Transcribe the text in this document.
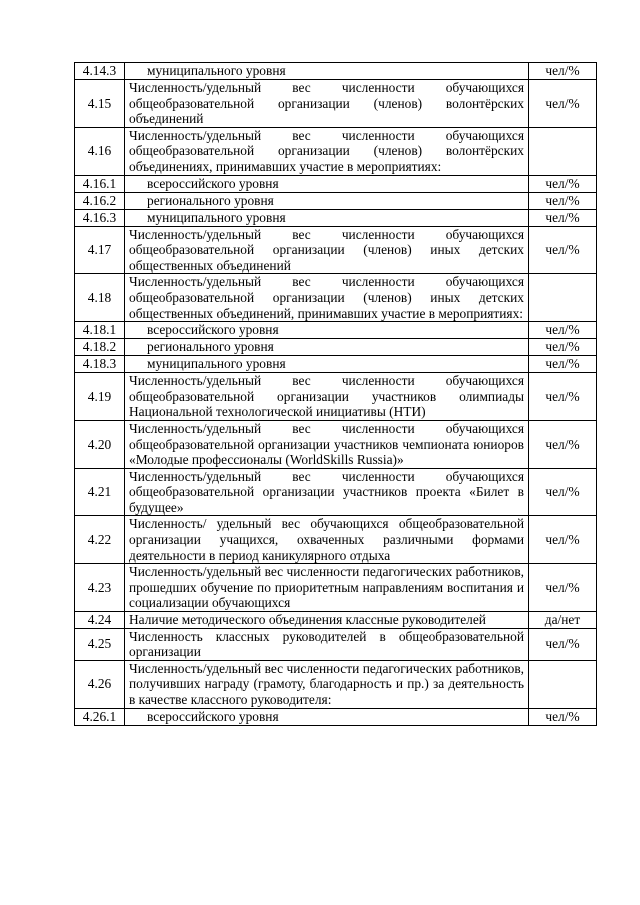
4.14.3	муниципального уровня	чел/%
4.15	Численность/удельный вес численности обучающихся общеобразовательной организации (членов) волонтёрских объединений	чел/%
4.16	Численность/удельный вес численности обучающихся общеобразовательной организации (членов) волонтёрских объединениях, принимавших участие в мероприятиях:	
4.16.1	всероссийского уровня	чел/%
4.16.2	регионального уровня	чел/%
4.16.3	муниципального уровня	чел/%
4.17	Численность/удельный вес численности обучающихся общеобразовательной организации (членов) иных детских общественных объединений	чел/%
4.18	Численность/удельный вес численности обучающихся общеобразовательной организации (членов) иных детских общественных объединений, принимавших участие в мероприятиях:	
4.18.1	всероссийского уровня	чел/%
4.18.2	регионального уровня	чел/%
4.18.3	муниципального уровня	чел/%
4.19	Численность/удельный вес численности обучающихся общеобразовательной организации участников олимпиады Национальной технологической инициативы (НТИ)	чел/%
4.20	Численность/удельный вес численности обучающихся общеобразовательной организации участников чемпионата юниоров «Молодые профессионалы (WorldSkills Russia)»	чел/%
4.21	Численность/удельный вес численности обучающихся общеобразовательной организации участников проекта «Билет в будущее»	чел/%
4.22	Численность/ удельный вес обучающихся общеобразовательной организации учащихся, охваченных различными формами деятельности в период каникулярного отдыха	чел/%
4.23	Численность/удельный вес численности педагогических работников, прошедших обучение по приоритетным направлениям воспитания и социализации обучающихся	чел/%
4.24	Наличие методического объединения классные руководителей	да/нет
4.25	Численность классных руководителей в общеобразовательной организации	чел/%
4.26	Численность/удельный вес численности педагогических работников, получивших награду (грамоту, благодарность и пр.) за деятельность в качестве классного руководителя:	
4.26.1	всероссийского уровня	чел/%
